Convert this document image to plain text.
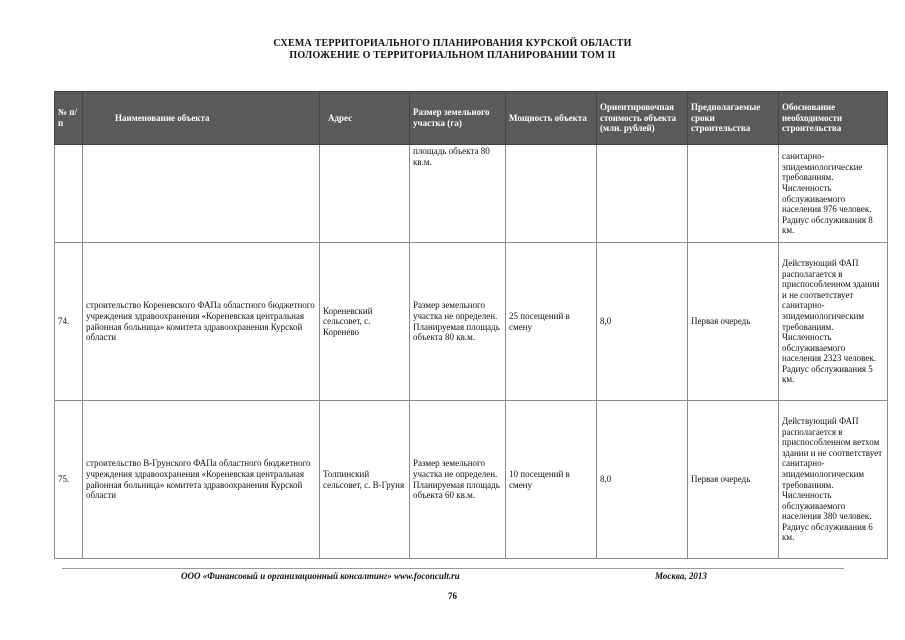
СХЕМА ТЕРРИТОРИАЛЬНОГО ПЛАНИРОВАНИЯ КУРСКОЙ ОБЛАСТИ
ПОЛОЖЕНИЕ О ТЕРРИТОРИАЛЬНОМ ПЛАНИРОВАНИИ ТОМ II
№ п/п	Наименование объекта	Адрес	Размер земельного участка (га)	Мощность объекта	Ориентировочная стоимость объекта (млн. рублей)	Предполагаемые сроки строительства	Обоснование необходимости строительства
			площадь объекта 80 кв.м.				санитарно-эпидемиологические требованиям. Численность обслуживаемого населения 976 человек. Радиус обслуживания 8 км.
74.	строительство Кореневского ФАПа областного бюджетного учреждения здравоохранения «Кореневская центральная районная больница» комитета здравоохранения Курской области	Кореневский сельсовет, с. Коренево	Размер земельного участка не определен. Планируемая площадь объекта 80 кв.м.	25 посещений в смену	8,0	Первая очередь	Действующий ФАП располагается в приспособленном здании и не соответствует санитарно-эпидемиологическим требованиям. Численность обслуживаемого населения 2323 человек. Радиус обслуживания 5 км.
75.	строительство В-Грунского ФАПа областного бюджетного учреждения здравоохранения «Кореневская центральная районная больница» комитета здравоохранения Курской области	Толпинский сельсовет, с. В-Груня	Размер земельного участка не определен. Планируемая площадь объекта 60 кв.м.	10 посещений в смену	8,0	Первая очередь	Действующий ФАП располагается в приспособленном ветхом здании и не соответствует санитарно-эпидемиологическим требованиям. Численность обслуживаемого населения 380 человек. Радиус обслуживания 6 км.
ООО «Финансовый и организационный консалтинг» www.foconcult.ru	Москва, 2013
76
